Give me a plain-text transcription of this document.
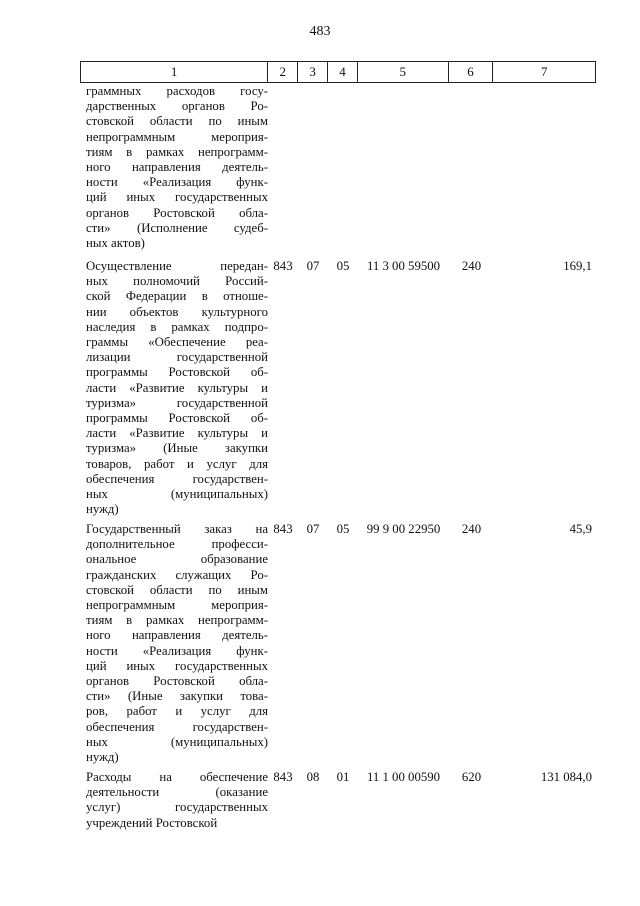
483
1	2	3	4	5	6	7
граммных расходов госу-
дарственных органов Ро-
стовской области по иным
непрограммным мероприя-
тиям в рамках непрограмм-
ного направления деятель-
ности «Реализация функ-
ций иных государственных
органов Ростовской обла-
сти» (Исполнение судеб-
ных актов)
Осуществление передан-
ных полномочий Россий-
ской Федерации в отноше-
нии объектов культурного
наследия в рамках подпро-
граммы «Обеспечение реа-
лизации государственной
программы Ростовской об-
ласти «Развитие культуры и
туризма» государственной
программы Ростовской об-
ласти «Развитие культуры и
туризма» (Иные закупки
товаров, работ и услуг для
обеспечения государствен-
ных (муниципальных)
нужд)
843	07	05	11 3 00 59500	240	169,1
Государственный заказ на
дополнительное професси-
ональное образование
гражданских служащих Ро-
стовской области по иным
непрограммным мероприя-
тиям в рамках непрограмм-
ного направления деятель-
ности «Реализация функ-
ций иных государственных
органов Ростовской обла-
сти» (Иные закупки това-
ров, работ и услуг для
обеспечения государствен-
ных (муниципальных)
нужд)
843	07	05	99 9 00 22950	240	45,9
Расходы на обеспечение
деятельности (оказание
услуг) государственных
учреждений Ростовской
843	08	01	11 1 00 00590	620	131 084,0
